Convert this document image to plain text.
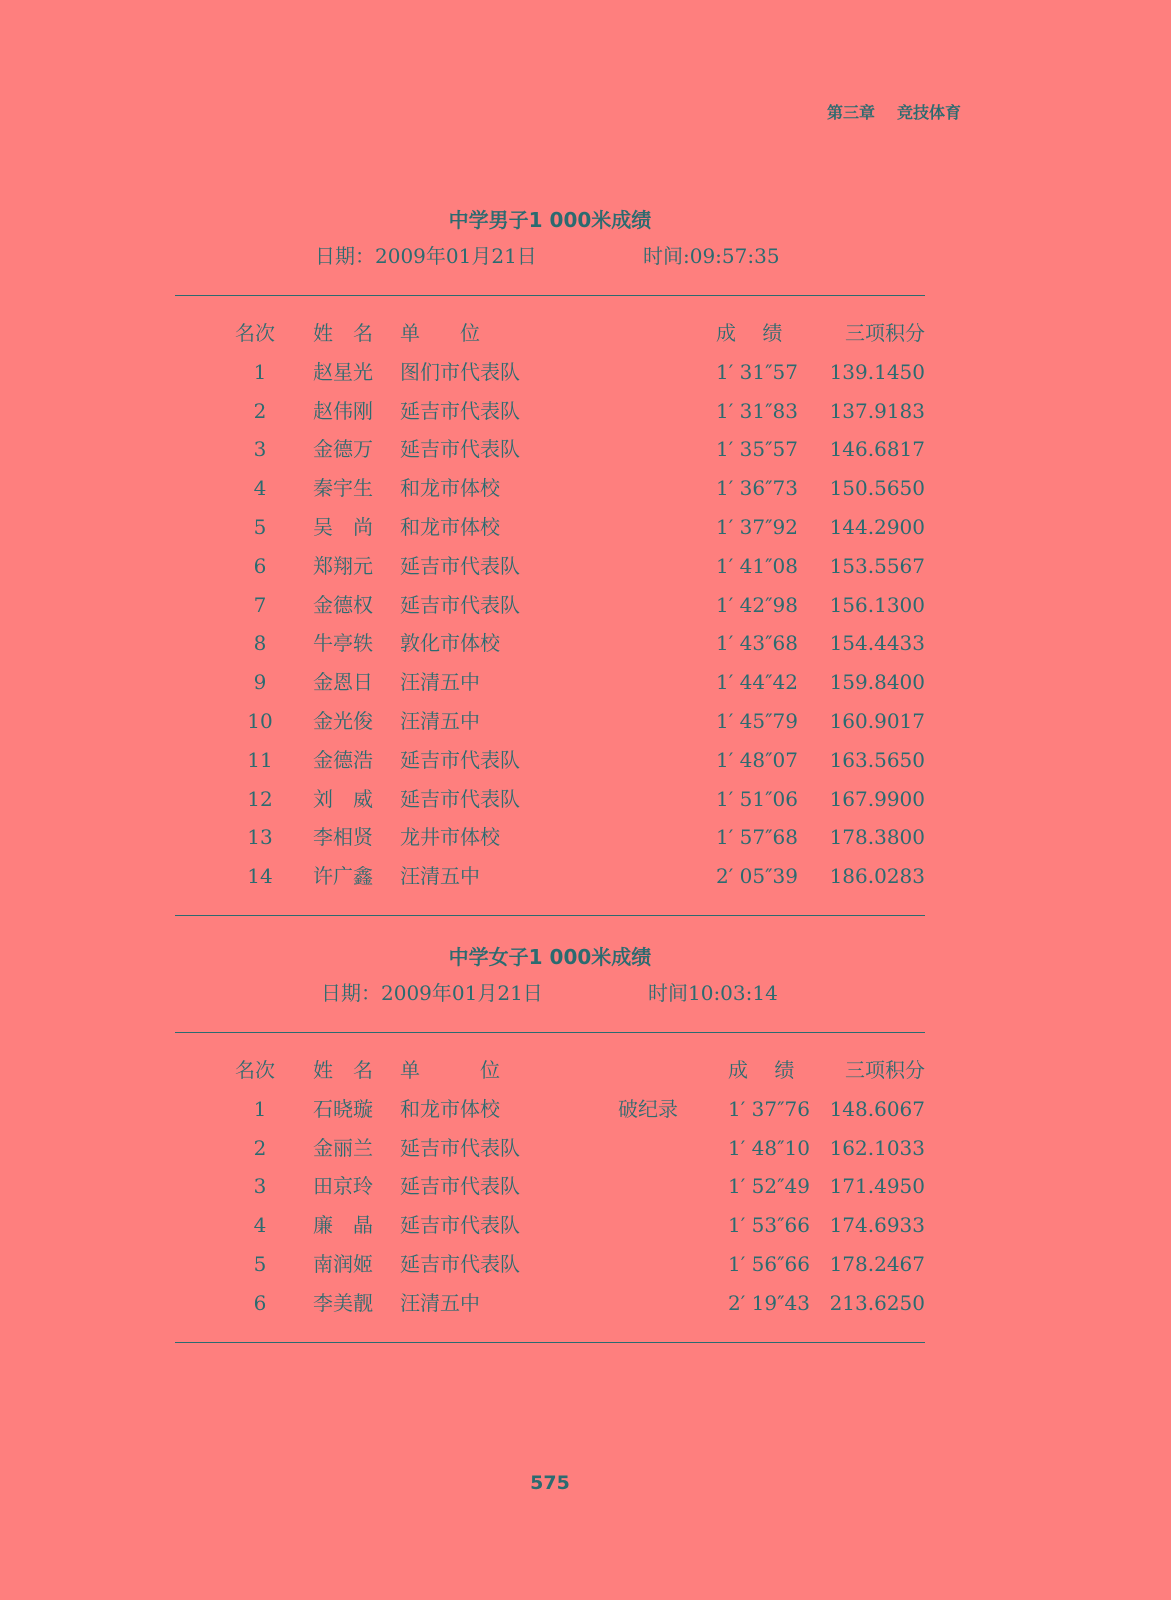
第三章 竞技体育
中学男子1 000米成绩
日期：2009年01月21日	时间:09:57:35
名次 姓　名 单　　位	成　 绩	三项积分
1	赵星光 图们市代表队	1′ 31″57 139.1450
2	赵伟刚 延吉市代表队	1′ 31″83 137.9183
3	金德万 延吉市代表队	1′ 35″57 146.6817
4	秦宇生 和龙市体校	1′ 36″73 150.5650
5	吴　尚 和龙市体校	1′ 37″92 144.2900
6	郑翔元 延吉市代表队	1′ 41″08 153.5567
7	金德权 延吉市代表队	1′ 42″98 156.1300
8	牛亭轶 敦化市体校	1′ 43″68 154.4433
9	金恩日 汪清五中	1′ 44″42 159.8400
10	金光俊 汪清五中	1′ 45″79 160.9017
11	金德浩 延吉市代表队	1′ 48″07 163.5650
12	刘　威 延吉市代表队	1′ 51″06 167.9900
13	李相贤 龙井市体校	1′ 57″68 178.3800
14	许广鑫 汪清五中	2′ 05″39 186.0283
中学女子1 000米成绩
日期：2009年01月21日	时间10:03:14
名次 姓　名 单　　　位	成　 绩	三项积分
1	石晓璇 和龙市体校	破纪录	1′ 37″76 148.6067
2	金丽兰 延吉市代表队	1′ 48″10 162.1033
3	田京玲 延吉市代表队	1′ 52″49 171.4950
4	廉　晶 延吉市代表队	1′ 53″66 174.6933
5	南润姬 延吉市代表队	1′ 56″66 178.2467
6	李美靓 汪清五中	2′ 19″43 213.6250
575
